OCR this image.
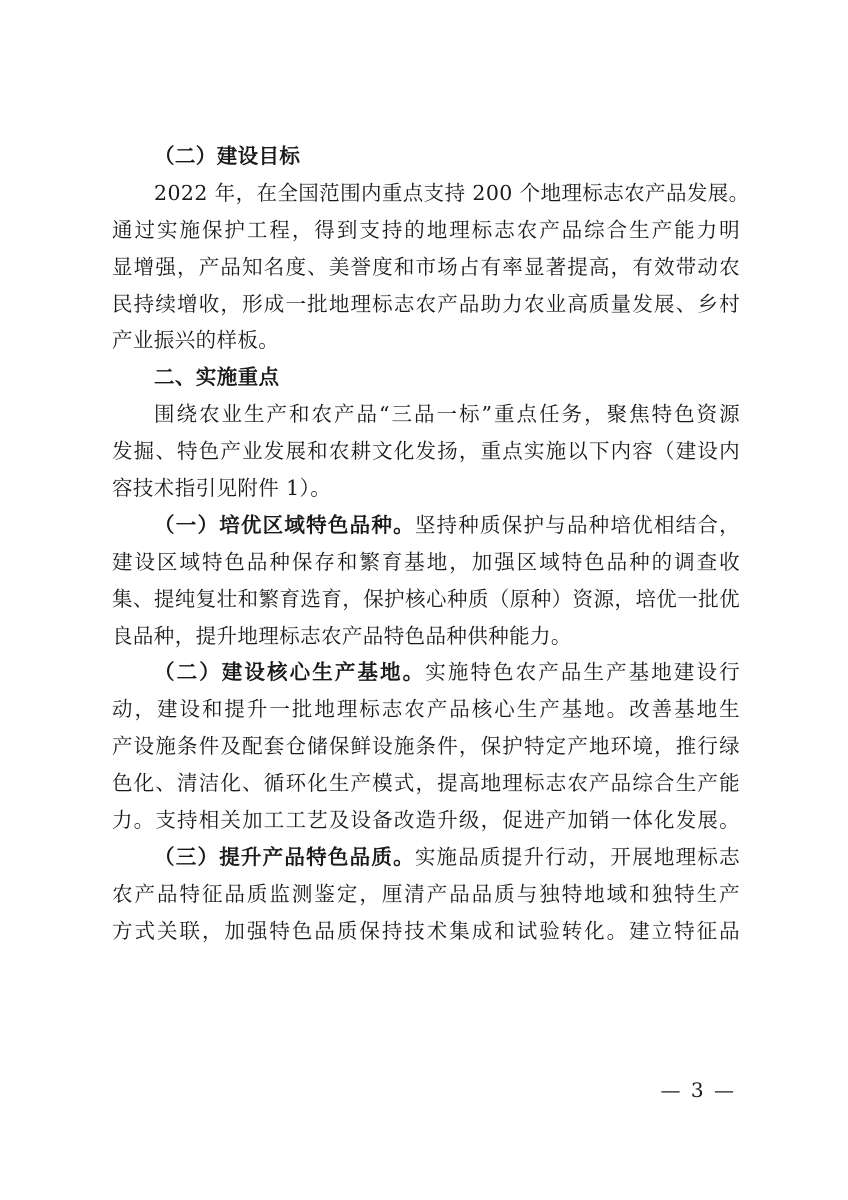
（二）建设目标
2022 年，在全国范围内重点支持 200 个地理标志农产品发展。
通过实施保护工程，得到支持的地理标志农产品综合生产能力明
显增强，产品知名度、美誉度和市场占有率显著提高，有效带动农
民持续增收，形成一批地理标志农产品助力农业高质量发展、乡村
产业振兴的样板。
二、实施重点
围绕农业生产和农产品“三品一标”重点任务，聚焦特色资源
发掘、特色产业发展和农耕文化发扬，重点实施以下内容（建设内
容技术指引见附件 1）。
（一）培优区域特色品种。坚持种质保护与品种培优相结合，
建设区域特色品种保存和繁育基地，加强区域特色品种的调查收
集、提纯复壮和繁育选育，保护核心种质（原种）资源，培优一批优
良品种，提升地理标志农产品特色品种供种能力。
（二）建设核心生产基地。实施特色农产品生产基地建设行
动，建设和提升一批地理标志农产品核心生产基地。改善基地生
产设施条件及配套仓储保鲜设施条件，保护特定产地环境，推行绿
色化、清洁化、循环化生产模式，提高地理标志农产品综合生产能
力。支持相关加工工艺及设备改造升级，促进产加销一体化发展。
（三）提升产品特色品质。实施品质提升行动，开展地理标志
农产品特征品质监测鉴定，厘清产品品质与独特地域和独特生产
方式关联，加强特色品质保持技术集成和试验转化。建立特征品
— 3 —
